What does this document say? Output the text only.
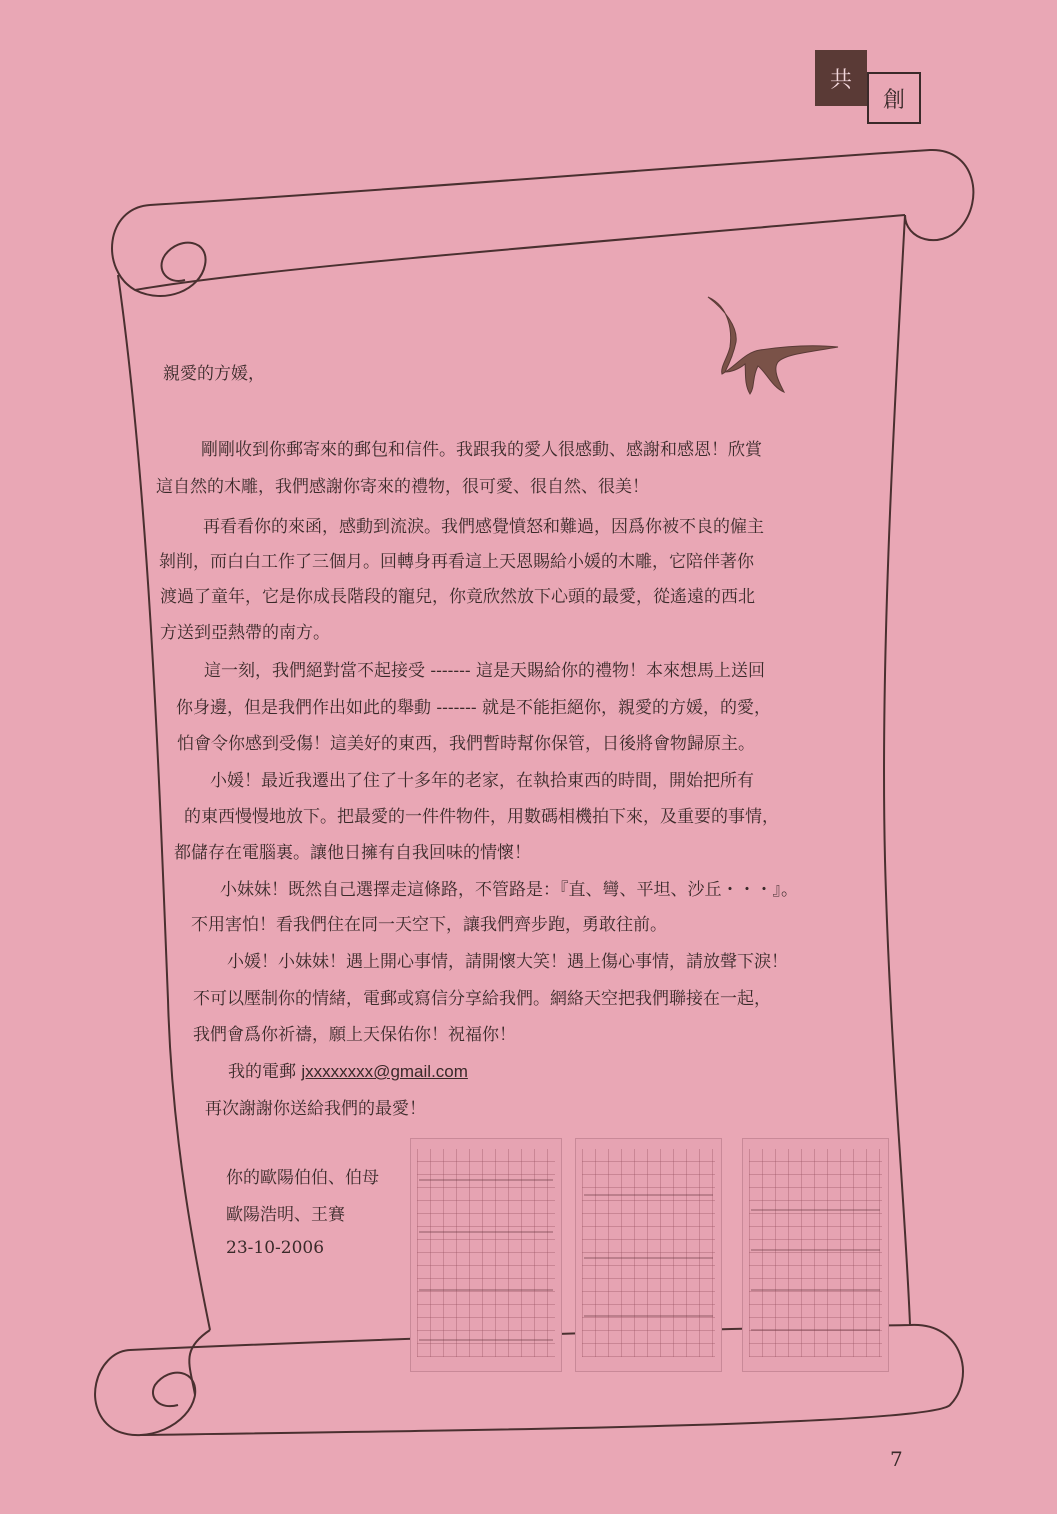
創
共
親愛的方媛，
剛剛收到你郵寄來的郵包和信件。我跟我的愛人很感動、感謝和感恩！欣賞
這自然的木雕，我們感謝你寄來的禮物，很可愛、很自然、很美！
再看看你的來函，感動到流淚。我們感覺憤怒和難過，因爲你被不良的僱主
剝削，而白白工作了三個月。回轉身再看這上天恩賜給小媛的木雕，它陪伴著你
渡過了童年，它是你成長階段的寵兒，你竟欣然放下心頭的最愛，從遙遠的西北
方送到亞熱帶的南方。
這一刻，我們絕對當不起接受 ------- 這是天賜給你的禮物！本來想馬上送回
你身邊，但是我們作出如此的舉動 ------- 就是不能拒絕你，親愛的方媛，的愛，
怕會令你感到受傷！這美好的東西，我們暫時幫你保管，日後將會物歸原主。
小媛！最近我遷出了住了十多年的老家，在執拾東西的時間，開始把所有
的東西慢慢地放下。把最愛的一件件物件，用數碼相機拍下來，及重要的事情，
都儲存在電腦裏。讓他日擁有自我回味的情懷！
小妹妹！既然自己選擇走這條路，不管路是：『直、彎、平坦、沙丘・・・』。
不用害怕！看我們住在同一天空下，讓我們齊步跑，勇敢往前。
小媛！小妹妹！遇上開心事情，請開懷大笑！遇上傷心事情，請放聲下淚！
不可以壓制你的情緒，電郵或寫信分享給我們。網絡天空把我們聯接在一起，
我們會爲你祈禱，願上天保佑你！祝福你！
我的電郵 jxxxxxxxx@gmail.com
再次謝謝你送給我們的最愛！
你的歐陽伯伯、伯母
歐陽浩明、王賽
23-10-2006
7
